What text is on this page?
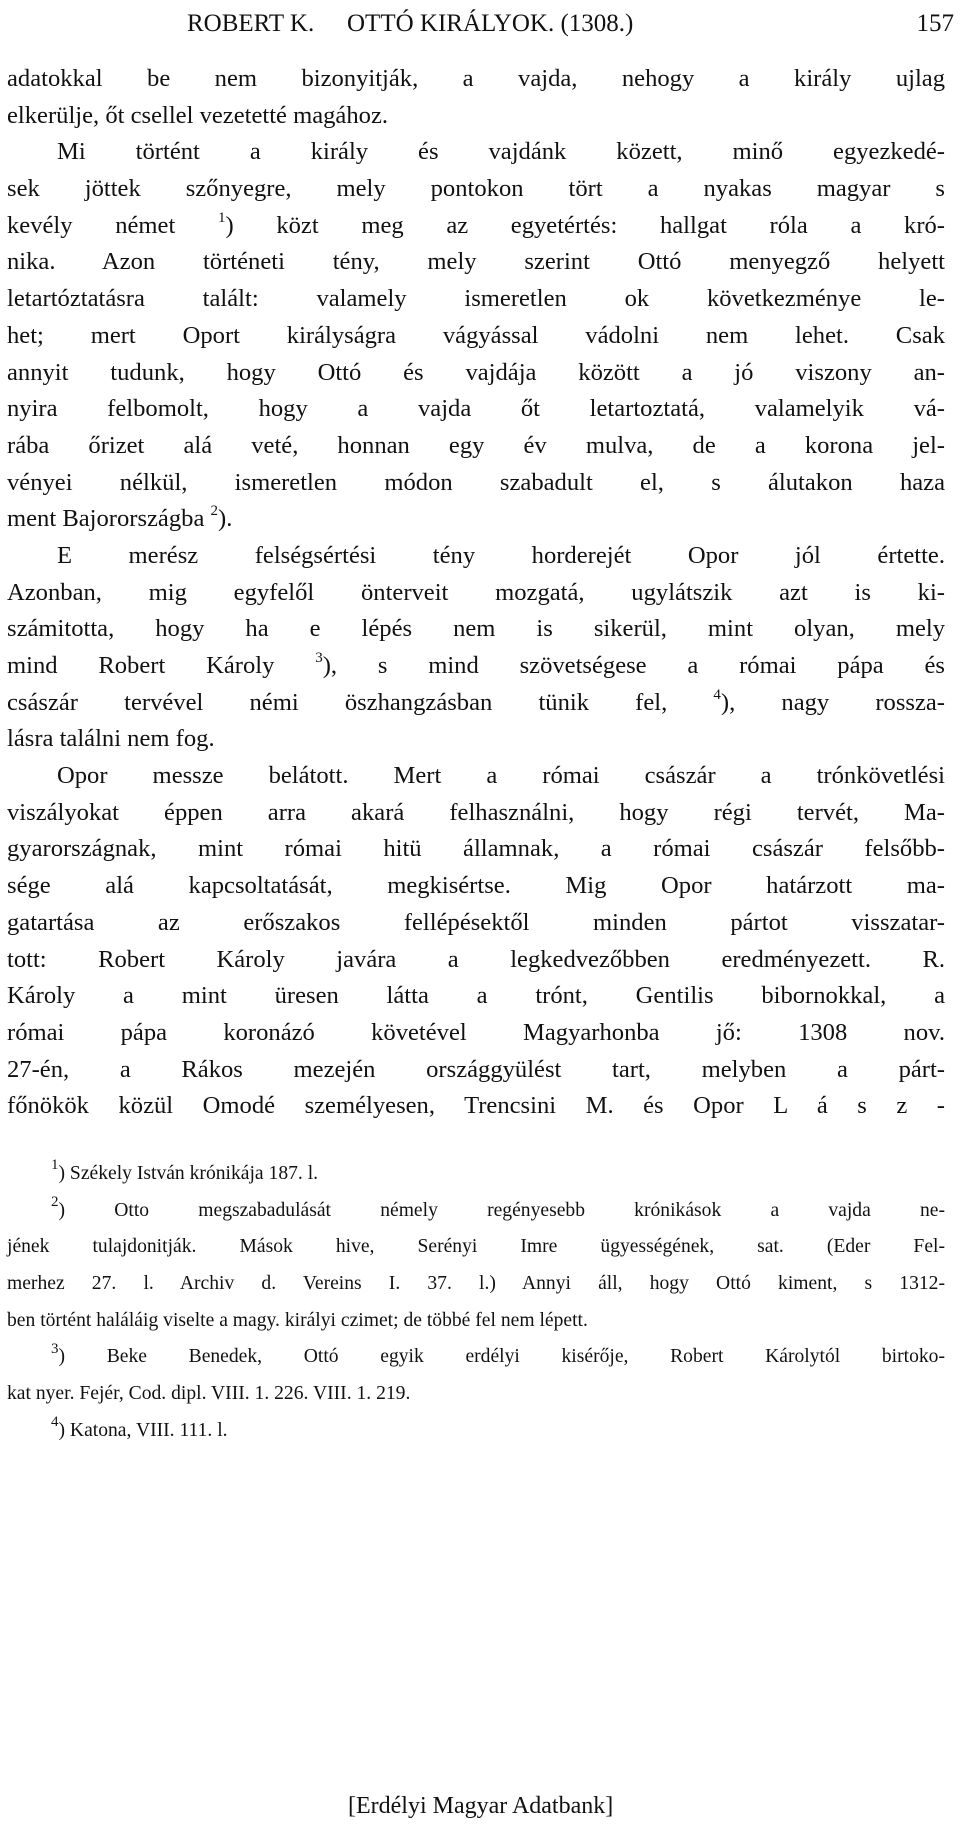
ROBERT K. OTTÓ KIRÁLYOK. (1308.)	157
adatokkal be nem bizonyitják, a vajda, nehogy a király ujlag
elkerülje, őt csellel vezetetté magához.
Mi történt a király és vajdánk közett, minő egyezkedé-
sek jöttek szőnyegre, mely pontokon tört a nyakas magyar s
kevély német $^1$) közt meg az egyetértés: hallgat róla a kró-
nika. Azon történeti tény, mely szerint Ottó menyegző helyett
letartóztatásra talált: valamely ismeretlen ok következménye le-
het; mert Oport királyságra vágyással vádolni nem lehet. Csak
annyit tudunk, hogy Ottó és vajdája között a jó viszony an-
nyira felbomolt, hogy a vajda őt letartoztatá, valamelyik vá-
rába őrizet alá veté, honnan egy év mulva, de a korona jel-
vényei nélkül, ismeretlen módon szabadult el, s álutakon haza
ment Bajorországba $^2$).
E merész felségsértési tény horderejét Opor jól értette.
Azonban, mig egyfelől önterveit mozgatá, ugylátszik azt is ki-
számitotta, hogy ha e lépés nem is sikerül, mint olyan, mely
mind Robert Károly $^3$), s mind szövetségese a római pápa és
császár tervével némi öszhangzásban tünik fel, $^4$), nagy rossza-
lásra találni nem fog.
Opor messze belátott. Mert a római császár a trónkövetlési
viszályokat éppen arra akará felhasználni, hogy régi tervét, Ma-
gyarországnak, mint római hitü államnak, a római császár felsőbb-
sége alá kapcsoltatását, megkisértse. Mig Opor határzott ma-
gatartása az erőszakos fellépésektől minden pártot visszatar-
tott: Robert Károly javára a legkedvezőbben eredményezett. R.
Károly a mint üresen látta a trónt, Gentilis bibornokkal, a
római pápa koronázó követével Magyarhonba jő: 1308 nov.
27-én, a Rákos mezején országgyülést tart, melyben a párt-
főnökök közül Omodé személyesen, Trencsini M. és Opor L á s z -
$^1$) Székely István krónikája 187. l.
$^2$) Otto megszabadulását némely regényesebb krónikások a vajda ne-
jének tulajdonitják. Mások hive, Serényi Imre ügyességének, sat. (Eder Fel-
merhez 27. l. Archiv d. Vereins I. 37. l.) Annyi áll, hogy Ottó kiment, s 1312-
ben történt haláláig viselte a magy. királyi czimet; de többé fel nem lépett.
$^3$) Beke Benedek, Ottó egyik erdélyi kisérője, Robert Károlytól birtoko-
kat nyer. Fejér, Cod. dipl. VIII. 1. 226. VIII. 1. 219.
$^4$) Katona, VIII. 111. l.
[Erdélyi Magyar Adatbank]
